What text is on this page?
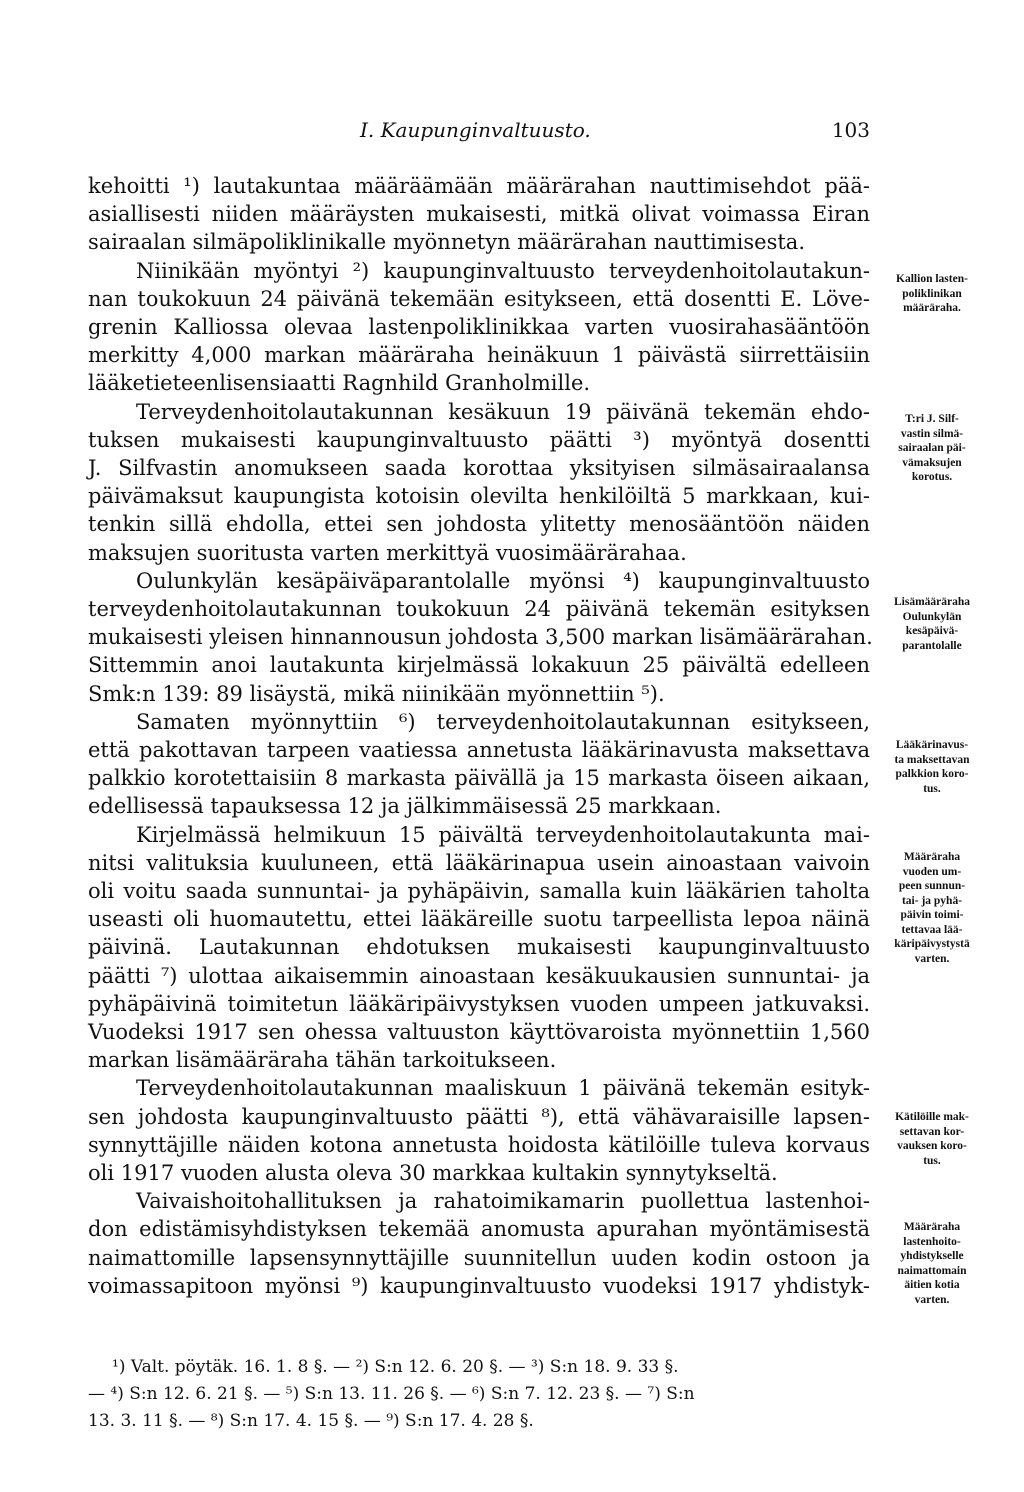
I. Kaupunginvaltuusto.	103
kehoitti ¹) lautakuntaa määräämään määrärahan nauttimisehdot pää-
asiallisesti niiden määräysten mukaisesti, mitkä olivat voimassa Eiran
sairaalan silmäpoliklinikalle myönnetyn määrärahan nauttimisesta.
Niinikään myöntyi ²) kaupunginvaltuusto terveydenhoitolautakun-
nan toukokuun 24 päivänä tekemään esitykseen, että dosentti E. Löve-
grenin Kalliossa olevaa lastenpoliklinikkaa varten vuosirahasääntöön
merkitty 4,000 markan määräraha heinäkuun 1 päivästä siirrettäisiin
lääketieteenlisensiaatti Ragnhild Granholmille.
Terveydenhoitolautakunnan kesäkuun 19 päivänä tekemän ehdo-
tuksen mukaisesti kaupunginvaltuusto päätti ³) myöntyä dosentti
J. Silfvastin anomukseen saada korottaa yksityisen silmäsairaalansa
päivämaksut kaupungista kotoisin olevilta henkilöiltä 5 markkaan, kui-
tenkin sillä ehdolla, ettei sen johdosta ylitetty menosääntöön näiden
maksujen suoritusta varten merkittyä vuosimäärärahaa.
Oulunkylän kesäpäiväparantolalle myönsi ⁴) kaupunginvaltuusto
terveydenhoitolautakunnan toukokuun 24 päivänä tekemän esityksen
mukaisesti yleisen hinnannousun johdosta 3,500 markan lisämäärärahan.
Sittemmin anoi lautakunta kirjelmässä lokakuun 25 päivältä edelleen
Smk:n 139: 89 lisäystä, mikä niinikään myönnettiin ⁵).
Samaten myönnyttiin ⁶) terveydenhoitolautakunnan esitykseen,
että pakottavan tarpeen vaatiessa annetusta lääkärinavusta maksettava
palkkio korotettaisiin 8 markasta päivällä ja 15 markasta öiseen aikaan,
edellisessä tapauksessa 12 ja jälkimmäisessä 25 markkaan.
Kirjelmässä helmikuun 15 päivältä terveydenhoitolautakunta mai-
nitsi valituksia kuuluneen, että lääkärinapua usein ainoastaan vaivoin
oli voitu saada sunnuntai- ja pyhäpäivin, samalla kuin lääkärien taholta
useasti oli huomautettu, ettei lääkäreille suotu tarpeellista lepoa näinä
päivinä. Lautakunnan ehdotuksen mukaisesti kaupunginvaltuusto
päätti ⁷) ulottaa aikaisemmin ainoastaan kesäkuukausien sunnuntai- ja
pyhäpäivinä toimitetun lääkäripäivystyksen vuoden umpeen jatkuvaksi.
Vuodeksi 1917 sen ohessa valtuuston käyttövaroista myönnettiin 1,560
markan lisämääräraha tähän tarkoitukseen.
Terveydenhoitolautakunnan maaliskuun 1 päivänä tekemän esityk-
sen johdosta kaupunginvaltuusto päätti ⁸), että vähävaraisille lapsen-
synnyttäjille näiden kotona annetusta hoidosta kätilöille tuleva korvaus
oli 1917 vuoden alusta oleva 30 markkaa kultakin synnytykseltä.
Vaivaishoitohallituksen ja rahatoimikamarin puollettua lastenhoi-
don edistämisyhdistyksen tekemää anomusta apurahan myöntämisestä
naimattomille lapsensynnyttäjille suunnitellun uuden kodin ostoon ja
voimassapitoon myönsi ⁹) kaupunginvaltuusto vuodeksi 1917 yhdistyk-
Kallion lasten-
poliklinikan
määräraha.
T:ri J. Silf-
vastin silmä-
sairaalan päi-
vämaksujen
korotus.
Lisämääräraha
Oulunkylän
kesäpäivä-
parantolalle
Lääkärinavus-
ta maksettavan
palkkion koro-
tus.
Määräraha
vuoden um-
peen sunnun-
tai- ja pyhä-
päivin toimi-
tettavaa lää-
käripäivystystä
varten.
Kätilöille mak-
settavan kor-
vauksen koro-
tus.
Määräraha
lastenhoito-
yhdistykselle
naimattomain
äitien kotia
varten.
¹) Valt. pöytäk. 16. 1. 8 §. — ²) S:n 12. 6. 20 §. — ³) S:n 18. 9. 33 §.
— ⁴) S:n 12. 6. 21 §. — ⁵) S:n 13. 11. 26 §. — ⁶) S:n 7. 12. 23 §. — ⁷) S:n
13. 3. 11 §. — ⁸) S:n 17. 4. 15 §. — ⁹) S:n 17. 4. 28 §.
